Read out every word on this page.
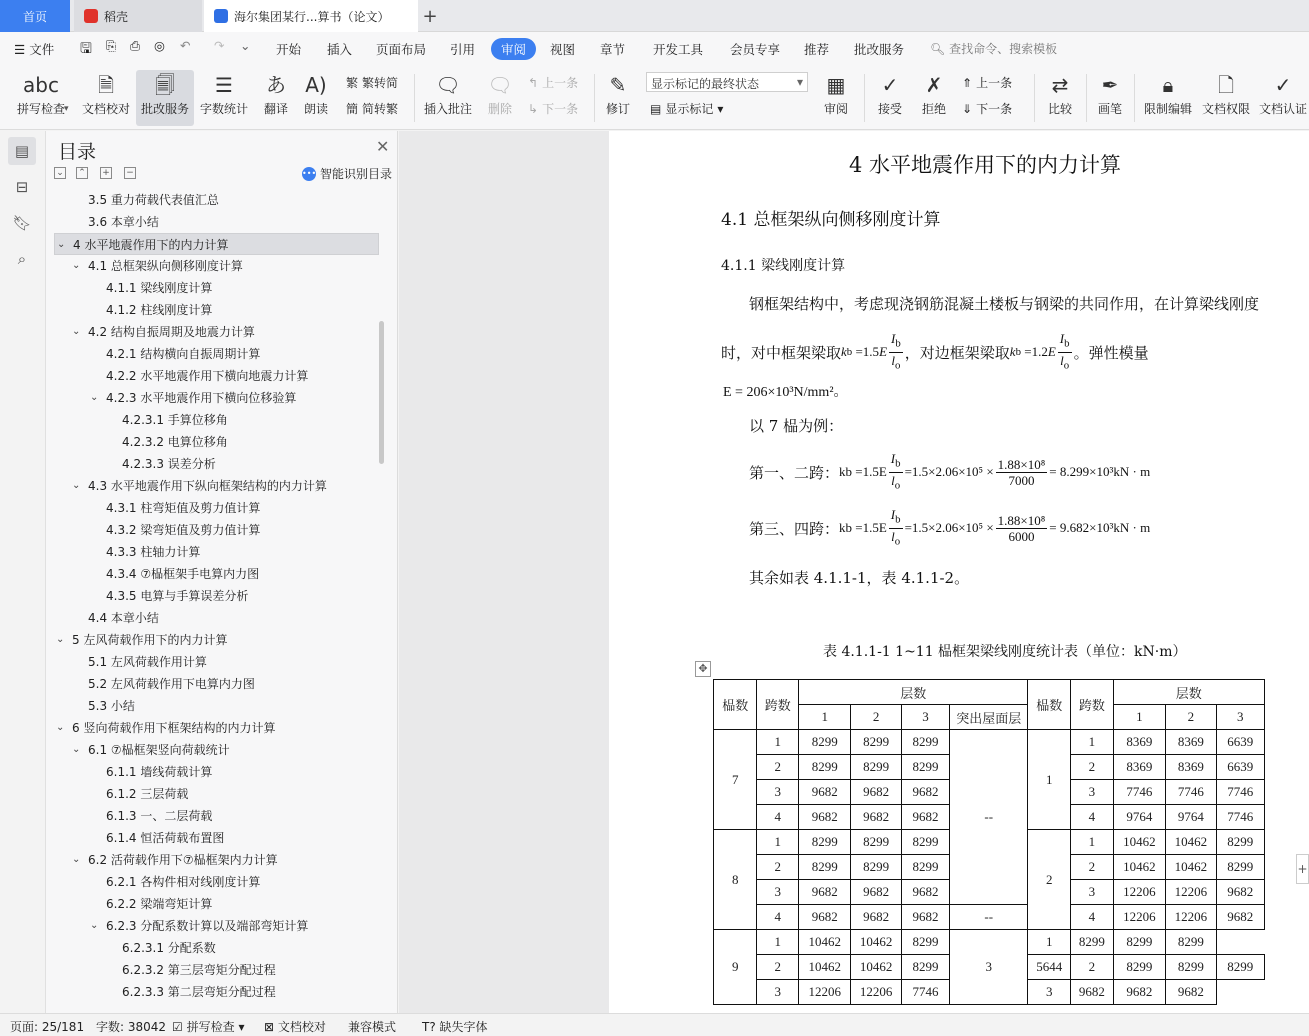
首页	稻壳	海尔集团某行...算书（论文） +
☰ 文件 🖫 ⎘ ⎙ ◎ ↶ ↷ ⌄ 开始 插入 页面布局 引用	审阅	视图 章节 开发工具 会员专享 推荐 批改服务 🔍︎ 查找命令、搜索模板
abc
拼写检查
🗎
文档校对
🗐
批改服务
☰
字数统计
あ
翻译
A)
朗读
繁 繁转简
簡 简转繁
🗨
插入批注
🗨
删除
↰ 上一条
↳ 下一条
✎
修订 ▤ 显示标记 ▾
▦
审阅
✓
接受
✗
拒绝
⇑ 上一条
⇓ 下一条
⇄
比较
✒
画笔
🔒︎
限制编辑
🗋
文档权限
✓
文档认证
显示标记的最终状态	▾
▾
▤
⊟
🔖︎
⌕
目录	✕
⌄ ⌃ + −	••• 智能识别目录
3.5 重力荷载代表值汇总
3.6 本章小结
⌄ 4 水平地震作用下的内力计算
⌄ 4.1 总框架纵向侧移刚度计算
4.1.1 梁线刚度计算
4.1.2 柱线刚度计算
⌄ 4.2 结构自振周期及地震力计算
4.2.1 结构横向自振周期计算
4.2.2 水平地震作用下横向地震力计算
⌄ 4.2.3 水平地震作用下横向位移验算
4.2.3.1 手算位移角
4.2.3.2 电算位移角
4.2.3.3 误差分析
⌄ 4.3 水平地震作用下纵向框架结构的内力计算
4.3.1 柱弯矩值及剪力值计算
4.3.2 梁弯矩值及剪力值计算
4.3.3 柱轴力计算
4.3.4 ⑦榀框架手电算内力图
4.3.5 电算与手算误差分析
4.4 本章小结
⌄ 5 左风荷载作用下的内力计算
5.1 左风荷载作用计算
5.2 左风荷载作用下电算内力图
5.3 小结
⌄ 6 竖向荷载作用下框架结构的内力计算
⌄ 6.1 ⑦榀框架竖向荷载统计
6.1.1 墙线荷载计算
6.1.2 三层荷载
6.1.3 一、二层荷载
6.1.4 恒活荷载布置图
⌄ 6.2 活荷载作用下⑦榀框架内力计算
6.2.1 各构件相对线刚度计算
6.2.2 梁端弯矩计算
⌄ 6.2.3 分配系数计算以及端部弯矩计算
6.2.3.1 分配系数
6.2.3.2 第三层弯矩分配过程
6.2.3.3 第二层弯矩分配过程
4 水平地震作用下的内力计算
4.1 总框架纵向侧移刚度计算
4.1.1 梁线刚度计算
钢框架结构中，考虑现浇钢筋混凝土楼板与钢梁的共同作用，在计算梁线刚度
时，对中框架梁取 k b =1.5 E $\frac{I_b}{l_o}$ ，对边框架梁取 k b =1.2 E $\frac{I_b}{l_o}$ 。弹性模量
E = 206×10³N/mm²。
以 7 榀为例：
第一、二跨： kb $=1.5E \frac{I_b}{l_o} =1.5\times 2.06\times 10^5 \times \frac{\text{1.88×10⁸}}{7000} = 8.299\times 10^3kN \cdot m$
第三、四跨： kb $=1.5E \frac{I_b}{l_o} =1.5\times 2.06\times 10^5 \times \frac{\text{1.88×10⁸}}{6000} = 9.682\times 10^3kN \cdot m$
其余如表 4.1.1-1，表 4.1.1-2。
表 4.1.1-1 1~11 榀框架梁线刚度统计表（单位：kN·m）
✥
榀数	跨数	层数				榀数	跨数	层数		
		1	2	3	突出屋面层			1	2	3
7	1	8299	8299	8299	--	1	1	8369	8369	6639
	2	8299	8299	8299			2	8369	8369	6639
	3	9682	9682	9682			3	7746	7746	7746
	4	9682	9682	9682			4	9764	9764	7746
8	1	8299	8299	8299		2	1	10462	10462	8299
	2	8299	8299	8299			2	10462	10462	8299
	3	9682	9682	9682			3	12206	12206	9682
	4	9682	9682	9682	--		4	12206	12206	9682
9	1	10462	10462	8299	3	1	8299	8299	8299	
	2	10462	10462	8299		5644	2	8299	8299	8299
	3	12206	12206	7746		3	9682	9682	9682	
+
页面: 25/181 字数: 38042 ☑ 拼写检查 ▾ ⊠ 文档校对 兼容模式 T? 缺失字体
